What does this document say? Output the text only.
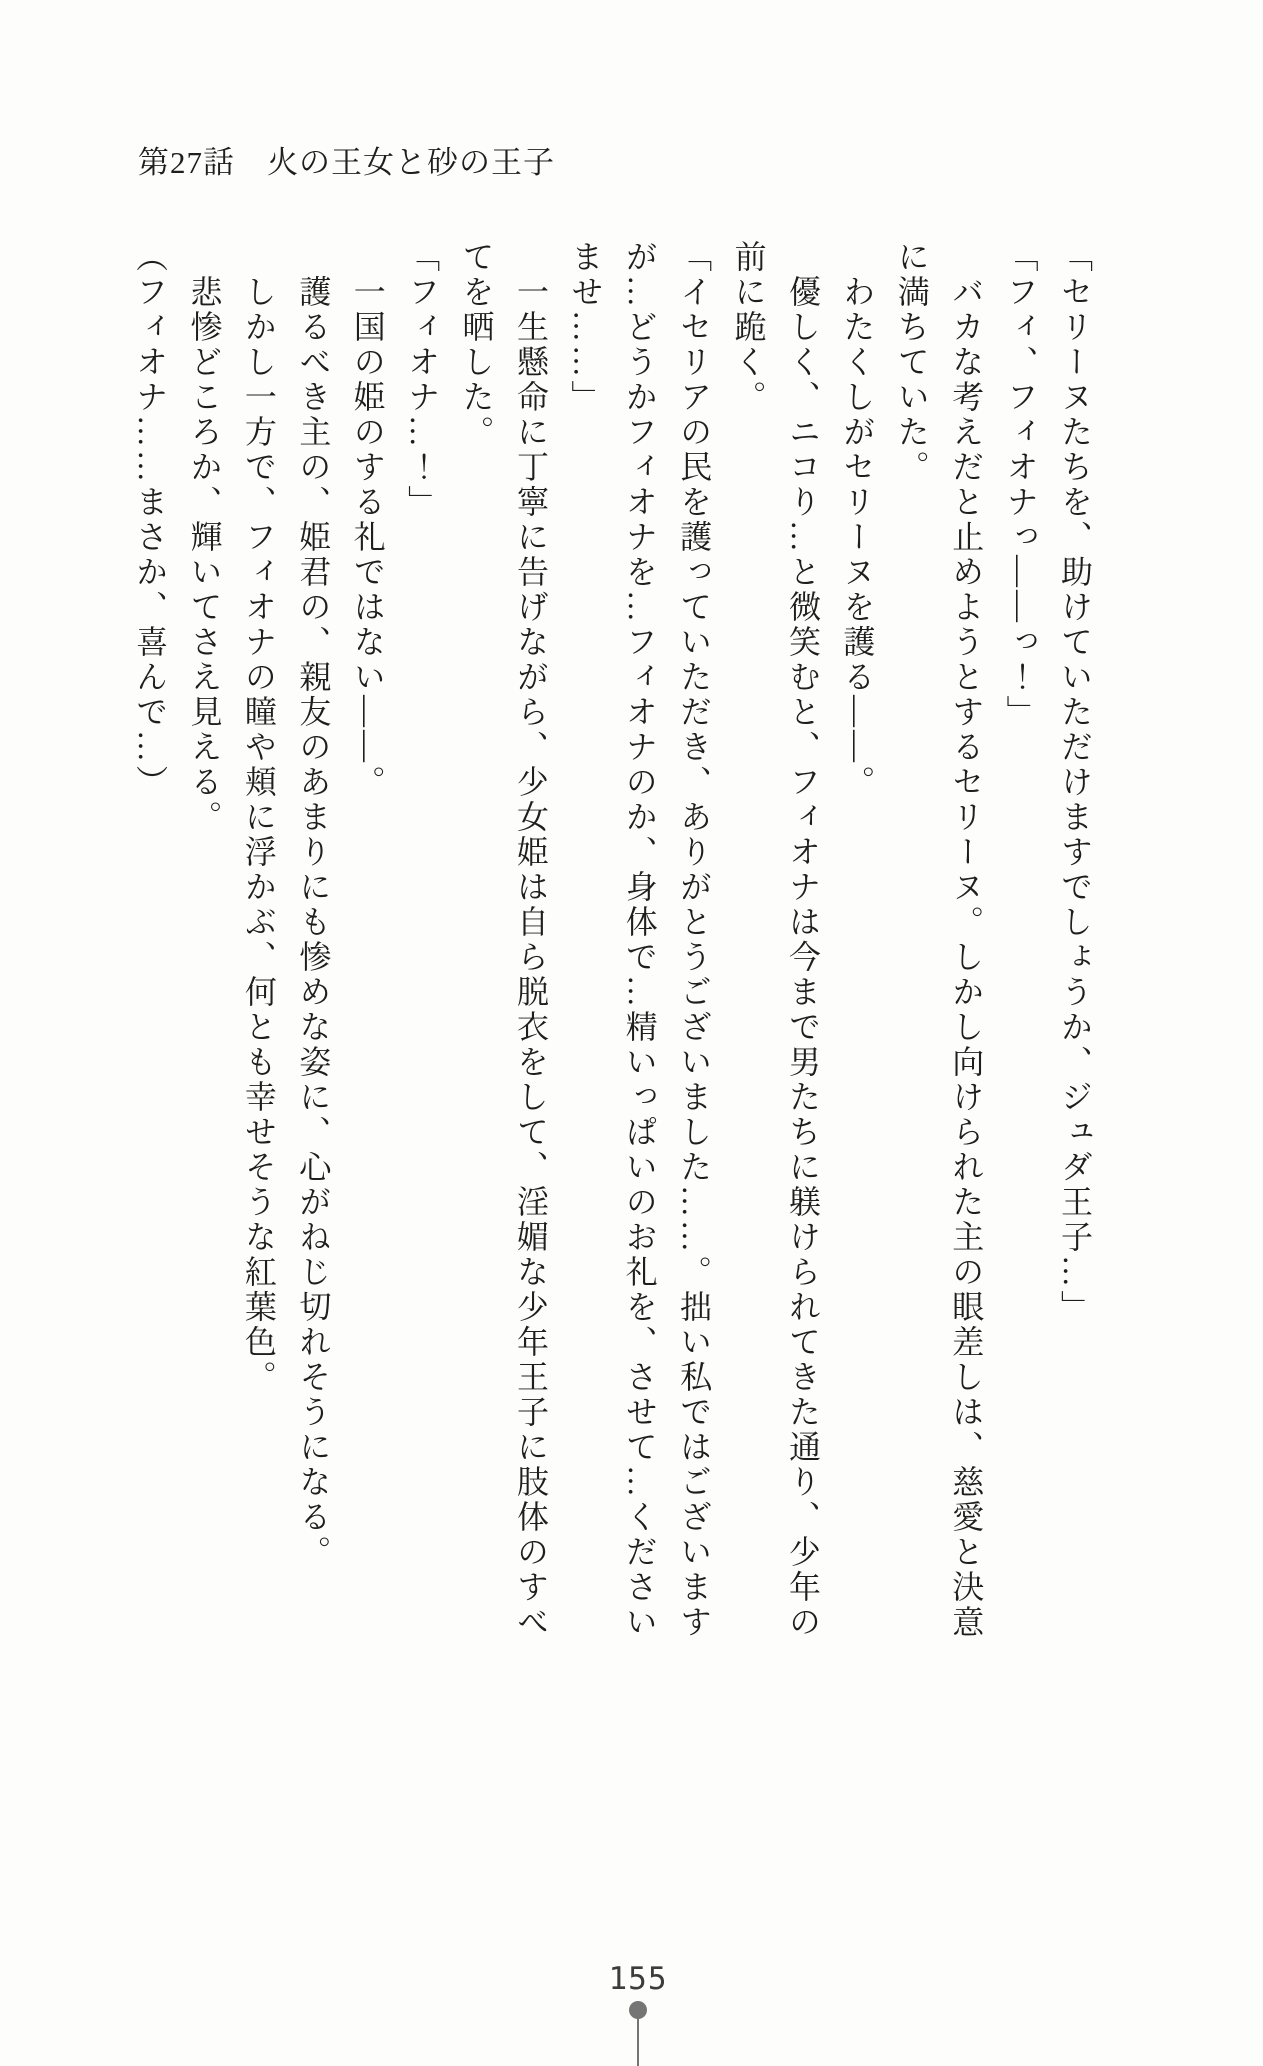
第27話　火の王女と砂の王子

「セリーヌたちを、助けていただけますでしょうか、ジュダ王子…」

「フィ、フィオナっ――っ！」

　バカな考えだと止めようとするセリーヌ。しかし向けられた主の眼差しは、慈愛と決意に満ちていた。

　わたくしがセリーヌを護る――。

　優しく、ニコり…と微笑むと、フィオナは今まで男たちに躾けられてきた通り、少年の前に跪く。

「イセリアの民を護っていただき、ありがとうございました……。拙い私ではございますが…どうかフィオナを…フィオナのか、身体で…精いっぱいのお礼を、させて…くださいませ……」

　一生懸命に丁寧に告げながら、少女姫は自ら脱衣をして、淫媚な少年王子に肢体のすべてを晒した。

「フィオナ…！」

　一国の姫のする礼ではない――。

　護るべき主の、姫君の、親友のあまりにも惨めな姿に、心がねじ切れそうになる。

　しかし一方で、フィオナの瞳や頬に浮かぶ、何とも幸せそうな紅葉色。

　悲惨どころか、輝いてさえ見える。

（フィオナ……まさか、喜んで…）

155
